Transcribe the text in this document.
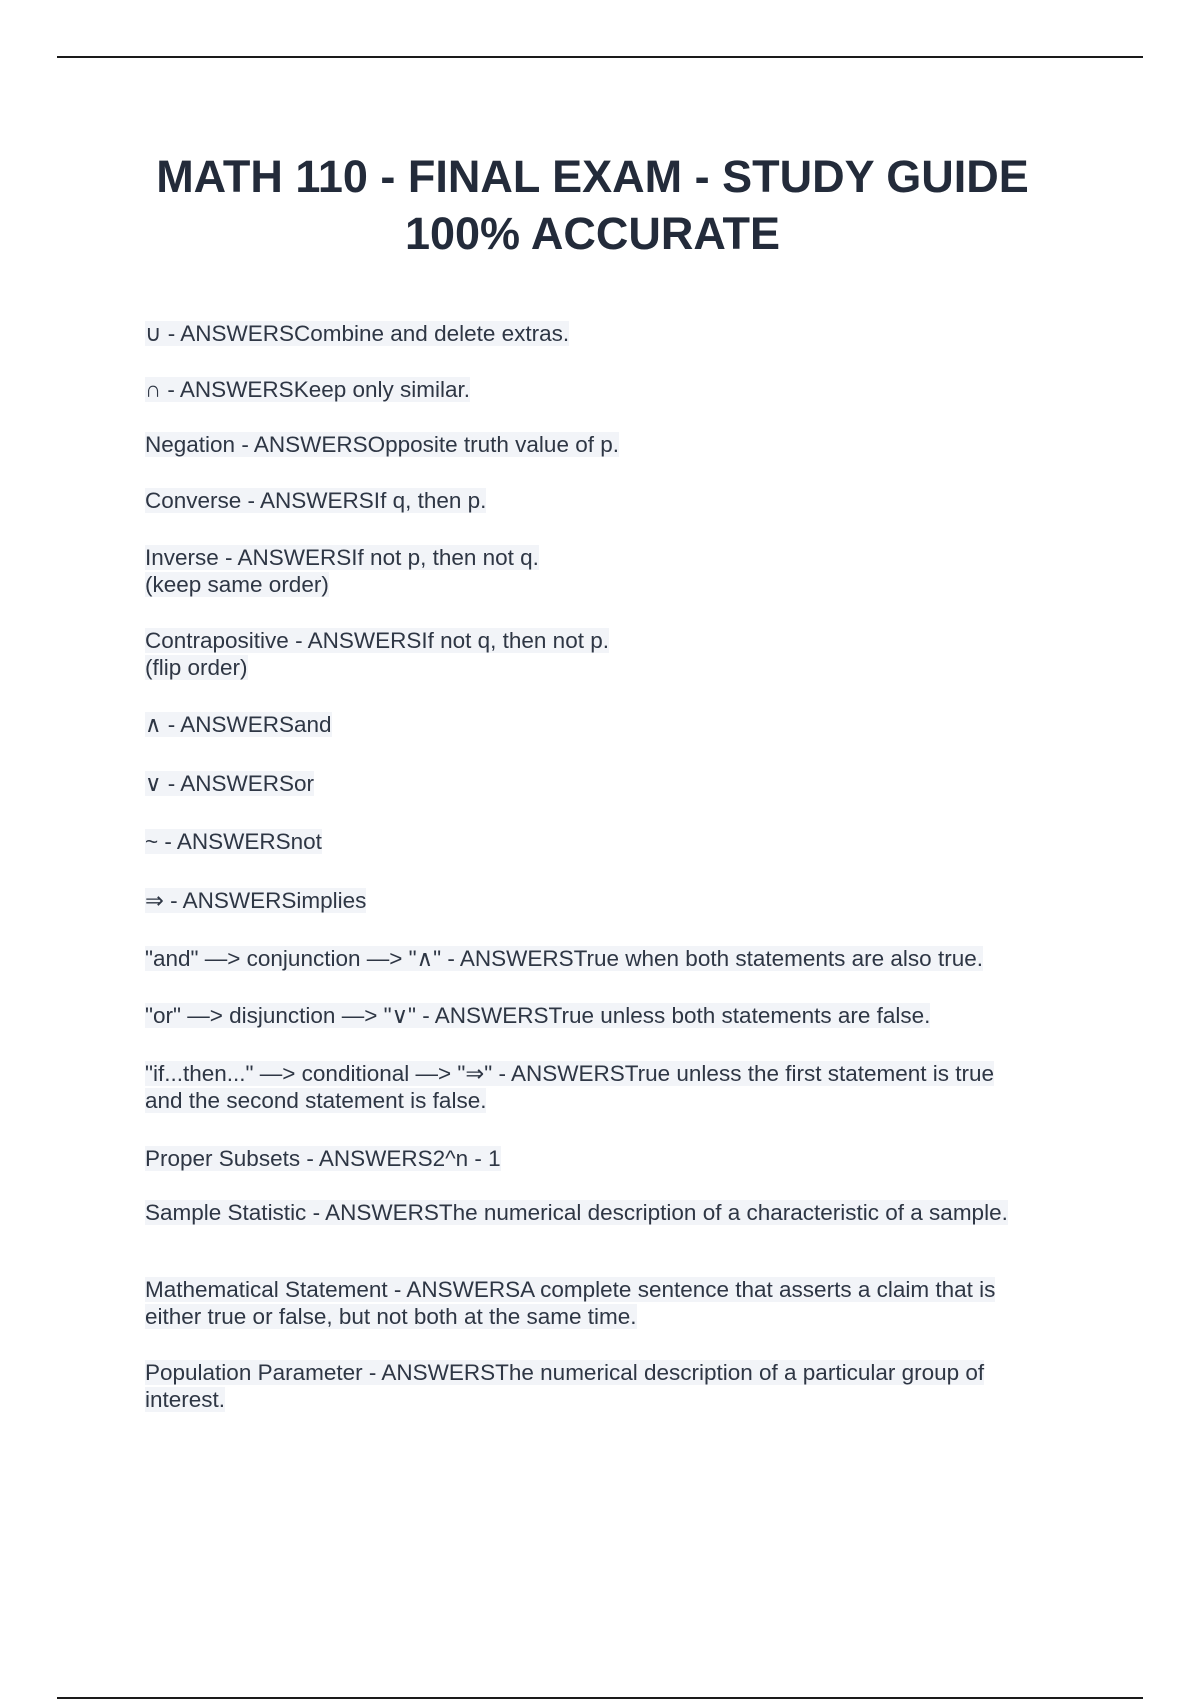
MATH 110 - FINAL EXAM - STUDY GUIDE 100% ACCURATE
∪ - ANSWERSCombine and delete extras.
∩ - ANSWERSKeep only similar.
Negation - ANSWERSOpposite truth value of p.
Converse - ANSWERSIf q, then p.
Inverse - ANSWERSIf not p, then not q.
(keep same order)
Contrapositive - ANSWERSIf not q, then not p.
(flip order)
∧ - ANSWERSand
∨ - ANSWERSor
~ - ANSWERSnot
⇒ - ANSWERSimplies
"and" —> conjunction —> "∧" - ANSWERSTrue when both statements are also true.
"or" —> disjunction —> "∨" - ANSWERSTrue unless both statements are false.
"if...then..." —> conditional —> "⇒" - ANSWERSTrue unless the first statement is true
and the second statement is false.
Proper Subsets - ANSWERS2^n - 1
Sample Statistic - ANSWERSThe numerical description of a characteristic of a sample.
Mathematical Statement - ANSWERSA complete sentence that asserts a claim that is
either true or false, but not both at the same time.
Population Parameter - ANSWERSThe numerical description of a particular group of
interest.
